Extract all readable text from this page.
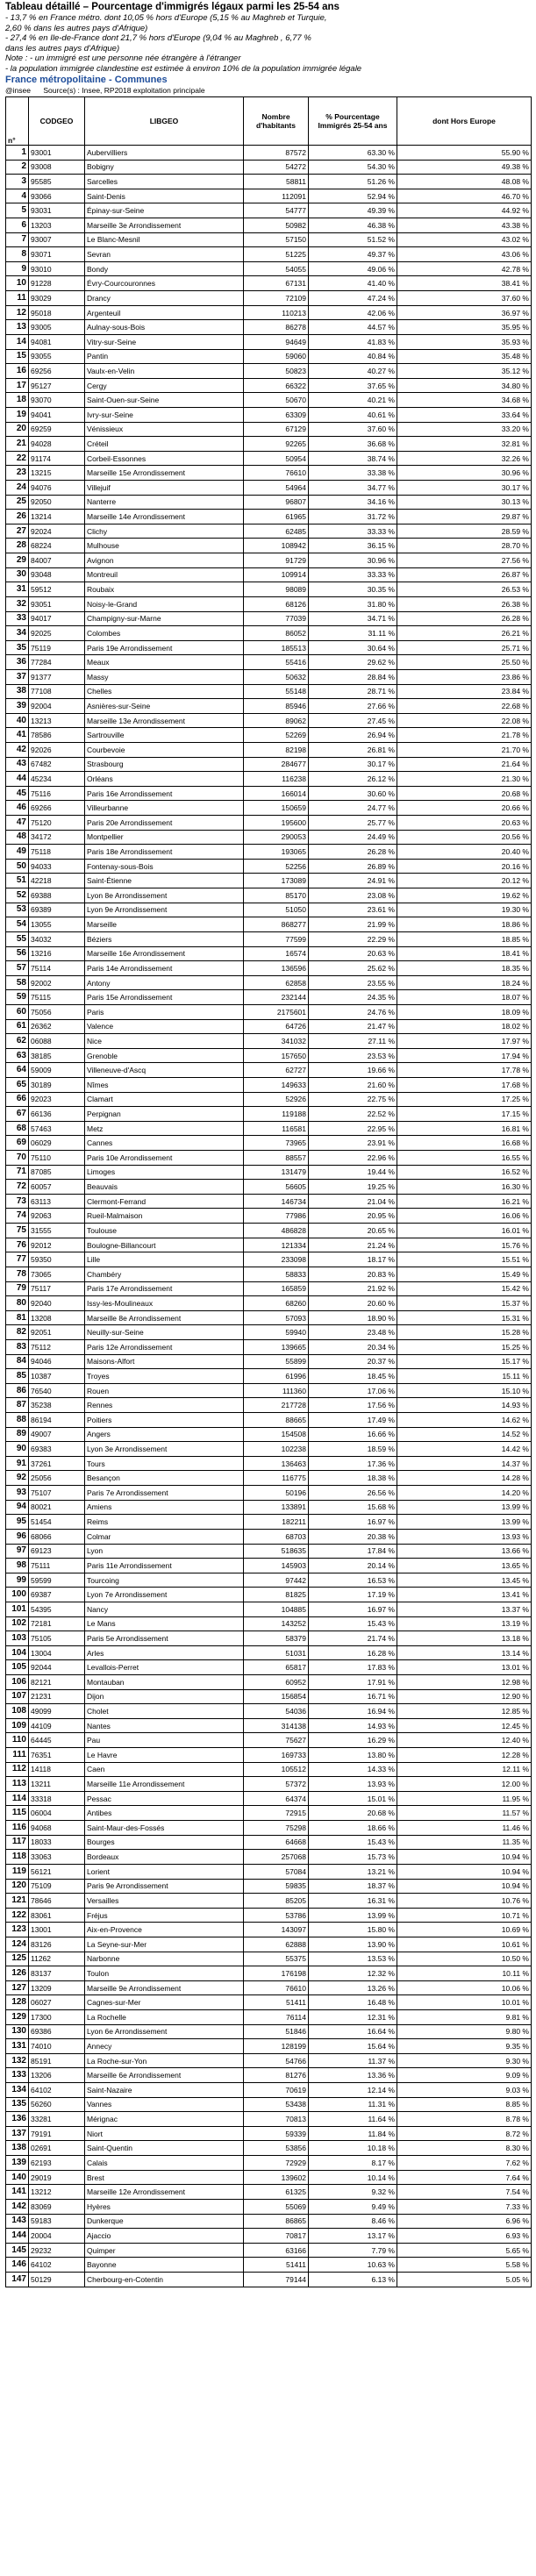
Tableau détaillé – Pourcentage d'immigrés légaux parmi les 25-54 ans
- 13,7 % en France métro. dont 10,05 % hors d'Europe (5,15 % au Maghreb et Turquie,
2,60 % dans les autres pays d'Afrique)
- 27,4 % en Ile-de-France dont 21,7 % hors d'Europe (9,04 % au Maghreb , 6,77 %
dans les autres pays d'Afrique)
Note : - un immigré est une personne née étrangère à l'étranger
- la population immigrée clandestine est estimée à environ 10% de la population immigrée légale
France métropolitaine - Communes
@insee Source(s) : Insee, RP2018 exploitation principale
n°	CODGEO	LIBGEO	Nombre d'habitants	% Pourcentage Immigrés 25-54 ans	dont Hors Europe
1	93001	Aubervilliers	87572	63.30 %	55.90 %
2	93008	Bobigny	54272	54.30 %	49.38 %
3	95585	Sarcelles	58811	51.26 %	48.08 %
4	93066	Saint-Denis	112091	52.94 %	46.70 %
5	93031	Épinay-sur-Seine	54777	49.39 %	44.92 %
6	13203	Marseille 3e Arrondissement	50982	46.38 %	43.38 %
7	93007	Le Blanc-Mesnil	57150	51.52 %	43.02 %
8	93071	Sevran	51225	49.37 %	43.06 %
9	93010	Bondy	54055	49.06 %	42.78 %
10	91228	Évry-Courcouronnes	67131	41.40 %	38.41 %
11	93029	Drancy	72109	47.24 %	37.60 %
12	95018	Argenteuil	110213	42.06 %	36.97 %
13	93005	Aulnay-sous-Bois	86278	44.57 %	35.95 %
14	94081	Vitry-sur-Seine	94649	41.83 %	35.93 %
15	93055	Pantin	59060	40.84 %	35.48 %
16	69256	Vaulx-en-Velin	50823	40.27 %	35.12 %
17	95127	Cergy	66322	37.65 %	34.80 %
18	93070	Saint-Ouen-sur-Seine	50670	40.21 %	34.68 %
19	94041	Ivry-sur-Seine	63309	40.61 %	33.64 %
20	69259	Vénissieux	67129	37.60 %	33.20 %
21	94028	Créteil	92265	36.68 %	32.81 %
22	91174	Corbeil-Essonnes	50954	38.74 %	32.26 %
23	13215	Marseille 15e Arrondissement	76610	33.38 %	30.96 %
24	94076	Villejuif	54964	34.77 %	30.17 %
25	92050	Nanterre	96807	34.16 %	30.13 %
26	13214	Marseille 14e Arrondissement	61965	31.72 %	29.87 %
27	92024	Clichy	62485	33.33 %	28.59 %
28	68224	Mulhouse	108942	36.15 %	28.70 %
29	84007	Avignon	91729	30.96 %	27.56 %
30	93048	Montreuil	109914	33.33 %	26.87 %
31	59512	Roubaix	98089	30.35 %	26.53 %
32	93051	Noisy-le-Grand	68126	31.80 %	26.38 %
33	94017	Champigny-sur-Marne	77039	34.71 %	26.28 %
34	92025	Colombes	86052	31.11 %	26.21 %
35	75119	Paris 19e Arrondissement	185513	30.64 %	25.71 %
36	77284	Meaux	55416	29.62 %	25.50 %
37	91377	Massy	50632	28.84 %	23.86 %
38	77108	Chelles	55148	28.71 %	23.84 %
39	92004	Asnières-sur-Seine	85946	27.66 %	22.68 %
40	13213	Marseille 13e Arrondissement	89062	27.45 %	22.08 %
41	78586	Sartrouville	52269	26.94 %	21.78 %
42	92026	Courbevoie	82198	26.81 %	21.70 %
43	67482	Strasbourg	284677	30.17 %	21.64 %
44	45234	Orléans	116238	26.12 %	21.30 %
45	75116	Paris 16e Arrondissement	166014	30.60 %	20.68 %
46	69266	Villeurbanne	150659	24.77 %	20.66 %
47	75120	Paris 20e Arrondissement	195600	25.77 %	20.63 %
48	34172	Montpellier	290053	24.49 %	20.56 %
49	75118	Paris 18e Arrondissement	193065	26.28 %	20.40 %
50	94033	Fontenay-sous-Bois	52256	26.89 %	20.16 %
51	42218	Saint-Étienne	173089	24.91 %	20.12 %
52	69388	Lyon 8e Arrondissement	85170	23.08 %	19.62 %
53	69389	Lyon 9e Arrondissement	51050	23.61 %	19.30 %
54	13055	Marseille	868277	21.99 %	18.86 %
55	34032	Béziers	77599	22.29 %	18.85 %
56	13216	Marseille 16e Arrondissement	16574	20.63 %	18.41 %
57	75114	Paris 14e Arrondissement	136596	25.62 %	18.35 %
58	92002	Antony	62858	23.55 %	18.24 %
59	75115	Paris 15e Arrondissement	232144	24.35 %	18.07 %
60	75056	Paris	2175601	24.76 %	18.09 %
61	26362	Valence	64726	21.47 %	18.02 %
62	06088	Nice	341032	27.11 %	17.97 %
63	38185	Grenoble	157650	23.53 %	17.94 %
64	59009	Villeneuve-d'Ascq	62727	19.66 %	17.78 %
65	30189	Nîmes	149633	21.60 %	17.68 %
66	92023	Clamart	52926	22.75 %	17.25 %
67	66136	Perpignan	119188	22.52 %	17.15 %
68	57463	Metz	116581	22.95 %	16.81 %
69	06029	Cannes	73965	23.91 %	16.68 %
70	75110	Paris 10e Arrondissement	88557	22.96 %	16.55 %
71	87085	Limoges	131479	19.44 %	16.52 %
72	60057	Beauvais	56605	19.25 %	16.30 %
73	63113	Clermont-Ferrand	146734	21.04 %	16.21 %
74	92063	Rueil-Malmaison	77986	20.95 %	16.06 %
75	31555	Toulouse	486828	20.65 %	16.01 %
76	92012	Boulogne-Billancourt	121334	21.24 %	15.76 %
77	59350	Lille	233098	18.17 %	15.51 %
78	73065	Chambéry	58833	20.83 %	15.49 %
79	75117	Paris 17e Arrondissement	165859	21.92 %	15.42 %
80	92040	Issy-les-Moulineaux	68260	20.60 %	15.37 %
81	13208	Marseille 8e Arrondissement	57093	18.90 %	15.31 %
82	92051	Neuilly-sur-Seine	59940	23.48 %	15.28 %
83	75112	Paris 12e Arrondissement	139665	20.34 %	15.25 %
84	94046	Maisons-Alfort	55899	20.37 %	15.17 %
85	10387	Troyes	61996	18.45 %	15.11 %
86	76540	Rouen	111360	17.06 %	15.10 %
87	35238	Rennes	217728	17.56 %	14.93 %
88	86194	Poitiers	88665	17.49 %	14.62 %
89	49007	Angers	154508	16.66 %	14.52 %
90	69383	Lyon 3e Arrondissement	102238	18.59 %	14.42 %
91	37261	Tours	136463	17.36 %	14.37 %
92	25056	Besançon	116775	18.38 %	14.28 %
93	75107	Paris 7e Arrondissement	50196	26.56 %	14.20 %
94	80021	Amiens	133891	15.68 %	13.99 %
95	51454	Reims	182211	16.97 %	13.99 %
96	68066	Colmar	68703	20.38 %	13.93 %
97	69123	Lyon	518635	17.84 %	13.66 %
98	75111	Paris 11e Arrondissement	145903	20.14 %	13.65 %
99	59599	Tourcoing	97442	16.53 %	13.45 %
100	69387	Lyon 7e Arrondissement	81825	17.19 %	13.41 %
101	54395	Nancy	104885	16.97 %	13.37 %
102	72181	Le Mans	143252	15.43 %	13.19 %
103	75105	Paris 5e Arrondissement	58379	21.74 %	13.18 %
104	13004	Arles	51031	16.28 %	13.14 %
105	92044	Levallois-Perret	65817	17.83 %	13.01 %
106	82121	Montauban	60952	17.91 %	12.98 %
107	21231	Dijon	156854	16.71 %	12.90 %
108	49099	Cholet	54036	16.94 %	12.85 %
109	44109	Nantes	314138	14.93 %	12.45 %
110	64445	Pau	75627	16.29 %	12.40 %
111	76351	Le Havre	169733	13.80 %	12.28 %
112	14118	Caen	105512	14.33 %	12.11 %
113	13211	Marseille 11e Arrondissement	57372	13.93 %	12.00 %
114	33318	Pessac	64374	15.01 %	11.95 %
115	06004	Antibes	72915	20.68 %	11.57 %
116	94068	Saint-Maur-des-Fossés	75298	18.66 %	11.46 %
117	18033	Bourges	64668	15.43 %	11.35 %
118	33063	Bordeaux	257068	15.73 %	10.94 %
119	56121	Lorient	57084	13.21 %	10.94 %
120	75109	Paris 9e Arrondissement	59835	18.37 %	10.94 %
121	78646	Versailles	85205	16.31 %	10.76 %
122	83061	Fréjus	53786	13.99 %	10.71 %
123	13001	Aix-en-Provence	143097	15.80 %	10.69 %
124	83126	La Seyne-sur-Mer	62888	13.90 %	10.61 %
125	11262	Narbonne	55375	13.53 %	10.50 %
126	83137	Toulon	176198	12.32 %	10.11 %
127	13209	Marseille 9e Arrondissement	76610	13.26 %	10.06 %
128	06027	Cagnes-sur-Mer	51411	16.48 %	10.01 %
129	17300	La Rochelle	76114	12.31 %	9.81 %
130	69386	Lyon 6e Arrondissement	51846	16.64 %	9.80 %
131	74010	Annecy	128199	15.64 %	9.35 %
132	85191	La Roche-sur-Yon	54766	11.37 %	9.30 %
133	13206	Marseille 6e Arrondissement	81276	13.36 %	9.09 %
134	64102	Saint-Nazaire	70619	12.14 %	9.03 %
135	56260	Vannes	53438	11.31 %	8.85 %
136	33281	Mérignac	70813	11.64 %	8.78 %
137	79191	Niort	59339	11.84 %	8.72 %
138	02691	Saint-Quentin	53856	10.18 %	8.30 %
139	62193	Calais	72929	8.17 %	7.62 %
140	29019	Brest	139602	10.14 %	7.64 %
141	13212	Marseille 12e Arrondissement	61325	9.32 %	7.54 %
142	83069	Hyères	55069	9.49 %	7.33 %
143	59183	Dunkerque	86865	8.46 %	6.96 %
144	20004	Ajaccio	70817	13.17 %	6.93 %
145	29232	Quimper	63166	7.79 %	5.65 %
146	64102	Bayonne	51411	10.63 %	5.58 %
147	50129	Cherbourg-en-Cotentin	79144	6.13 %	5.05 %
